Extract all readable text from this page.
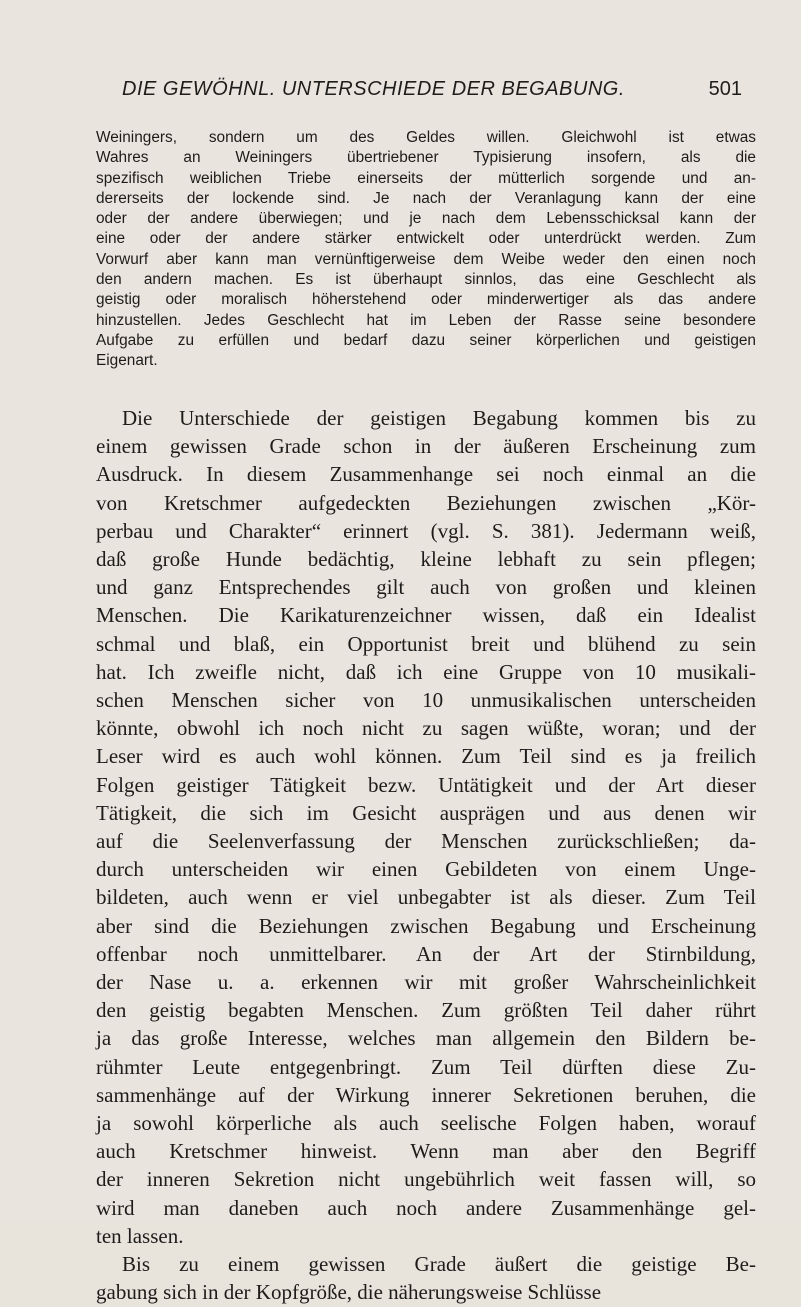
DIE GEWÖHNL. UNTERSCHIEDE DER BEGABUNG.	501

Weiningers, sondern um des Geldes willen. Gleichwohl ist etwas
Wahres an Weiningers übertriebener Typisierung insofern, als die
spezifisch weiblichen Triebe einerseits der mütterlich sorgende und an-
dererseits der lockende sind. Je nach der Veranlagung kann der eine
oder der andere überwiegen; und je nach dem Lebensschicksal kann der
eine oder der andere stärker entwickelt oder unterdrückt werden. Zum
Vorwurf aber kann man vernünftigerweise dem Weibe weder den einen noch
den andern machen. Es ist überhaupt sinnlos, das eine Geschlecht als
geistig oder moralisch höherstehend oder minderwertiger als das andere
hinzustellen. Jedes Geschlecht hat im Leben der Rasse seine besondere
Aufgabe zu erfüllen und bedarf dazu seiner körperlichen und geistigen
Eigenart.

Die Unterschiede der geistigen Begabung kommen bis zu
einem gewissen Grade schon in der äußeren Erscheinung zum
Ausdruck. In diesem Zusammenhange sei noch einmal an die
von Kretschmer aufgedeckten Beziehungen zwischen „Kör-
perbau und Charakter“ erinnert (vgl. S. 381). Jedermann weiß,
daß große Hunde bedächtig, kleine lebhaft zu sein pflegen;
und ganz Entsprechendes gilt auch von großen und kleinen
Menschen. Die Karikaturenzeichner wissen, daß ein Idealist
schmal und blaß, ein Opportunist breit und blühend zu sein
hat. Ich zweifle nicht, daß ich eine Gruppe von 10 musikali-
schen Menschen sicher von 10 unmusikalischen unterscheiden
könnte, obwohl ich noch nicht zu sagen wüßte, woran; und der
Leser wird es auch wohl können. Zum Teil sind es ja freilich
Folgen geistiger Tätigkeit bezw. Untätigkeit und der Art dieser
Tätigkeit, die sich im Gesicht ausprägen und aus denen wir
auf die Seelenverfassung der Menschen zurückschließen; da-
durch unterscheiden wir einen Gebildeten von einem Unge-
bildeten, auch wenn er viel unbegabter ist als dieser. Zum Teil
aber sind die Beziehungen zwischen Begabung und Erscheinung
offenbar noch unmittelbarer. An der Art der Stirnbildung,
der Nase u. a. erkennen wir mit großer Wahrscheinlichkeit
den geistig begabten Menschen. Zum größten Teil daher rührt
ja das große Interesse, welches man allgemein den Bildern be-
rühmter Leute entgegenbringt. Zum Teil dürften diese Zu-
sammenhänge auf der Wirkung innerer Sekretionen beruhen, die
ja sowohl körperliche als auch seelische Folgen haben, worauf
auch Kretschmer hinweist. Wenn man aber den Begriff
der inneren Sekretion nicht ungebührlich weit fassen will, so
wird man daneben auch noch andere Zusammenhänge gel-
ten lassen.

Bis zu einem gewissen Grade äußert die geistige Be-
gabung sich in der Kopfgröße, die näherungsweise Schlüsse
